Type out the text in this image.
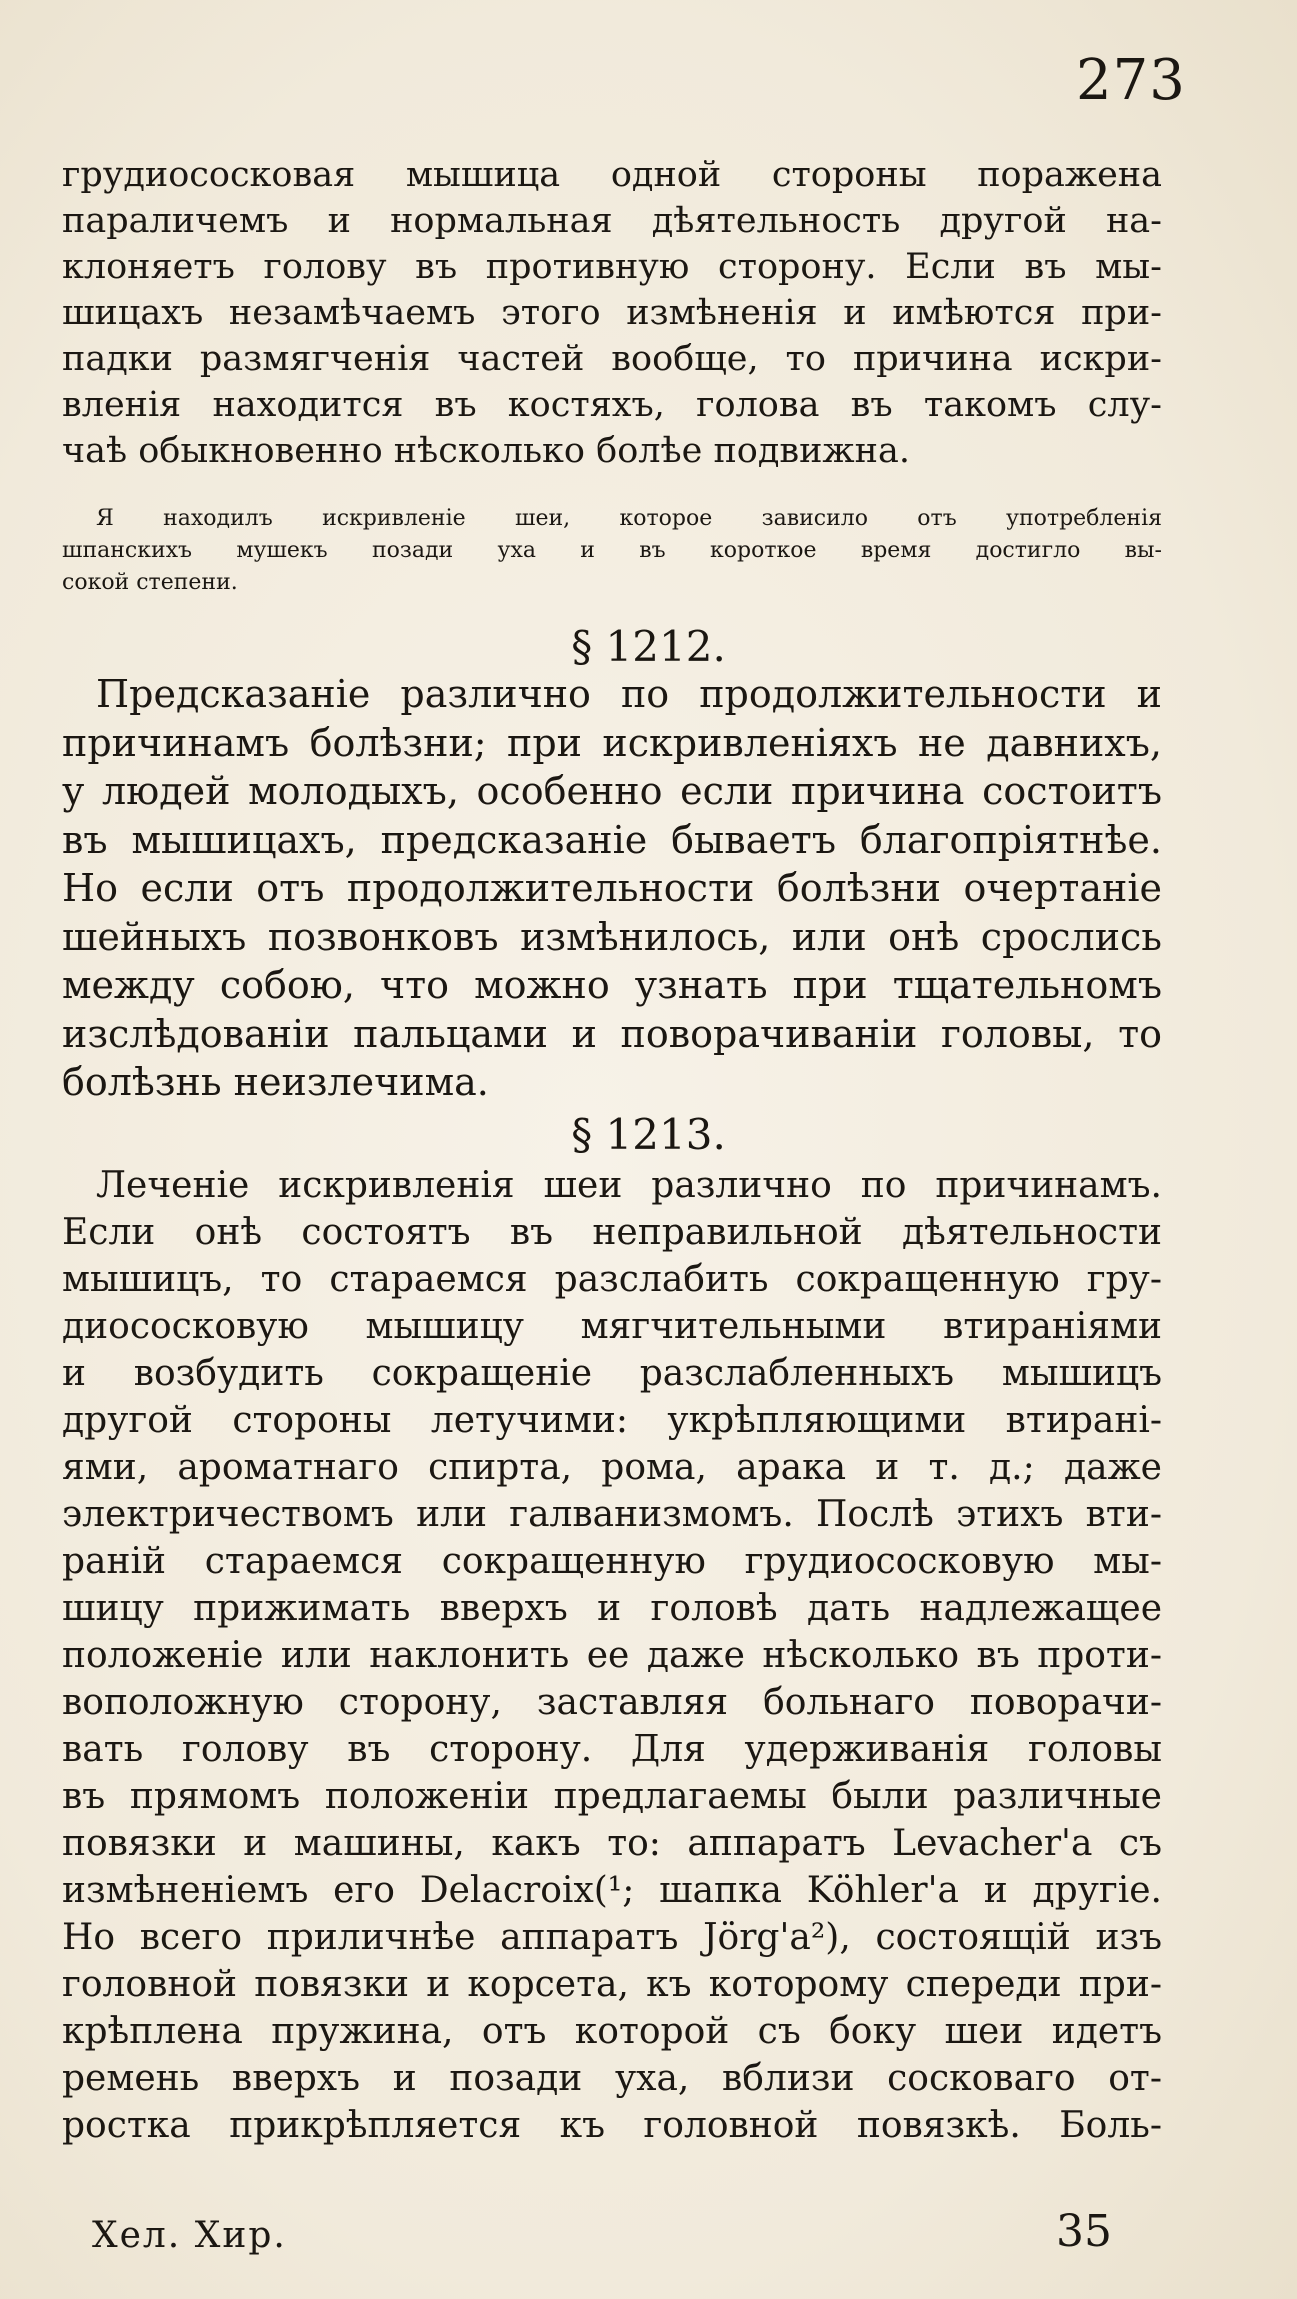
273
грудиососковая мышица одной стороны поражена
параличемъ и нормальная дѣятельность другой на-
клоняетъ голову въ противную сторону. Если въ мы-
шицахъ незамѣчаемъ этого измѣненія и имѣются при-
падки размягченія частей вообще, то причина искри-
вленія находится въ костяхъ, голова въ такомъ слу-
чаѣ обыкновенно нѣсколько болѣе подвижна.
Я находилъ искривленіе шеи, которое зависило отъ употребленія
шпанскихъ мушекъ позади уха и въ короткое время достигло вы-
сокой степени.
§ 1212.
Предсказаніе различно по продолжительности и
причинамъ болѣзни; при искривленіяхъ не давнихъ,
у людей молодыхъ, особенно если причина состоитъ
въ мышицахъ, предсказаніе бываетъ благопріятнѣе.
Но если отъ продолжительности болѣзни очертаніе
шейныхъ позвонковъ измѣнилось, или онѣ срослись
между собою, что можно узнать при тщательномъ
изслѣдованіи пальцами и поворачиваніи головы, то
болѣзнь неизлечима.
§ 1213.
Леченіе искривленія шеи различно по причинамъ.
Если онѣ состоятъ въ неправильной дѣятельности
мышицъ, то стараемся разслабить сокращенную гру-
диососковую мышицу мягчительными втираніями
и возбудить сокращеніе разслабленныхъ мышицъ
другой стороны летучими: укрѣпляющими втирані-
ями, ароматнаго спирта, рома, арака и т. д.; даже
электричествомъ или галванизмомъ. Послѣ этихъ вти-
раній стараемся сокращенную грудиососковую мы-
шицу прижимать вверхъ и головѣ дать надлежащее
положеніе или наклонить ее даже нѣсколько въ проти-
воположную сторону, заставляя больнаго поворачи-
вать голову въ сторону. Для удерживанія головы
въ прямомъ положеніи предлагаемы были различные
повязки и машины, какъ то: аппаратъ Levacher'a съ
измѣненіемъ его Delacroix(¹; шапка Köhler'a и другіе.
Но всего приличнѣе аппаратъ Jörg'a²), состоящій изъ
головной повязки и корсета, къ которому спереди при-
крѣплена пружина, отъ которой съ боку шеи идетъ
ремень вверхъ и позади уха, вблизи сосковаго от-
ростка прикрѣпляется къ головной повязкѣ. Боль-
Хел. Хир.	35
